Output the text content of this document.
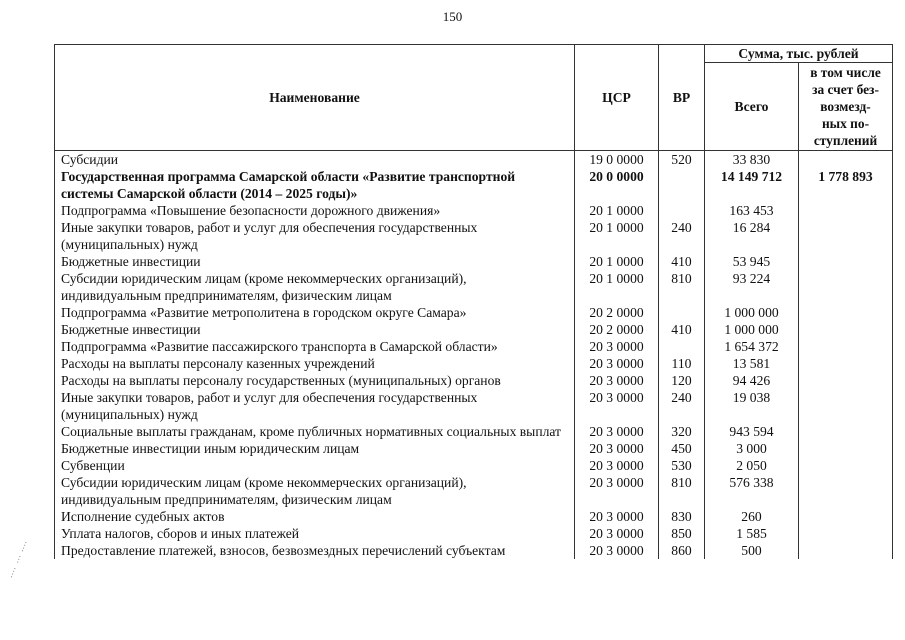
150
Наименование	ЦСР	ВР	Сумма, тыс. рублей	
			Всего	в том числе
за счет без-
возмезд-
ных по-
ступлений
Субсидии	19 0 0000	520	33 830	
Государственная программа Самарской области «Развитие транспортной системы Самарской области (2014 – 2025 годы)»	20 0 0000		14 149 712	1 778 893
Подпрограмма «Повышение безопасности дорожного движения»	20 1 0000		163 453	
Иные закупки товаров, работ и услуг для обеспечения государственных (муниципальных) нужд	20 1 0000	240	16 284	
Бюджетные инвестиции	20 1 0000	410	53 945	
Субсидии юридическим лицам (кроме некоммерческих организаций), индивидуальным предпринимателям, физическим лицам	20 1 0000	810	93 224	
Подпрограмма «Развитие метрополитена в городском округе Самара»	20 2 0000		1 000 000	
Бюджетные инвестиции	20 2 0000	410	1 000 000	
Подпрограмма «Развитие пассажирского транспорта в Самарской области»	20 3 0000		1 654 372	
Расходы на выплаты персоналу казенных учреждений	20 3 0000	110	13 581	
Расходы на выплаты персоналу государственных (муниципальных) органов	20 3 0000	120	94 426	
Иные закупки товаров, работ и услуг для обеспечения государственных (муниципальных) нужд	20 3 0000	240	19 038	
Социальные выплаты гражданам, кроме публичных нормативных социальных выплат	20 3 0000	320	943 594	
Бюджетные инвестиции иным юридическим лицам	20 3 0000	450	3 000	
Субвенции	20 3 0000	530	2 050	
Субсидии юридическим лицам (кроме некоммерческих организаций), индивидуальным предпринимателям, физическим лицам	20 3 0000	810	576 338	
Исполнение судебных актов	20 3 0000	830	260	
Уплата налогов, сборов и иных платежей	20 3 0000	850	1 585	
Предоставление платежей, взносов, безвозмездных перечислений субъектам	20 3 0000	860	500	
